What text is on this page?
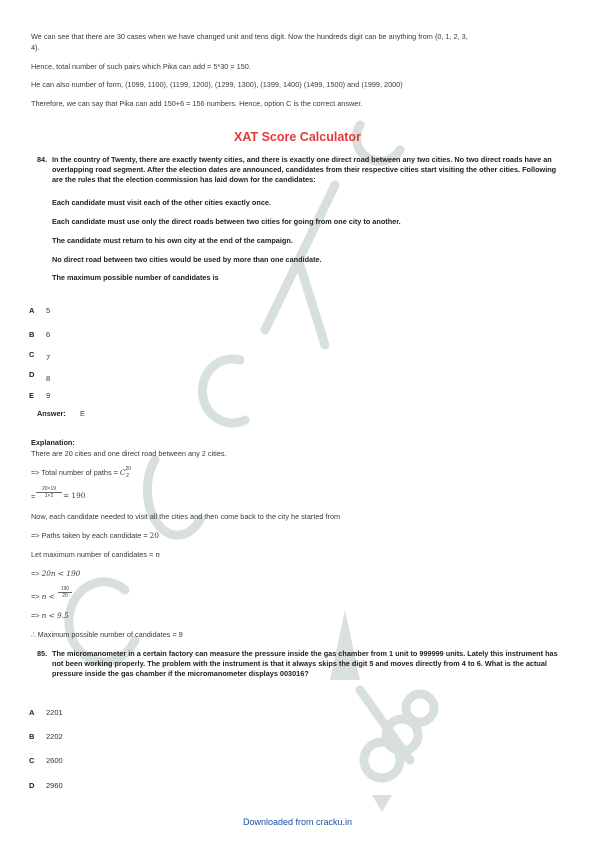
We can see that there are 30 cases when we have changed unit and tens digit. Now the hundreds digit can be anything from {0, 1, 2, 3,
4}.
Hence, total number of such pairs which Pika can add = 5*30 = 150.
He can also number of form, (1099, 1100), (1199, 1200), (1299, 1300), (1399, 1400) (1499, 1500) and (1999, 2000)
Therefore, we can say that Pika can add 150+6 = 156 numbers. Hence, option C is the correct answer.
XAT Score Calculator
84. In the country of Twenty, there are exactly twenty cities, and there is exactly one direct road between any two cities. No two direct roads have an overlapping road segment. After the election dates are announced, candidates from their respective cities start visiting the other cities. Following are the rules that the election commission has laid down for the candidates:
Each candidate must visit each of the other cities exactly once.
Each candidate must use only the direct roads between two cities for going from one city to another.
The candidate must return to his own city at the end of the campaign.
No direct road between two cities would be used by more than one candidate.
The maximum possible number of candidates is
A 5
B 6
C 7
D 8
E 9
Answer: E
Explanation:
There are 20 cities and one direct road between any 2 cities.
=> Total number of paths = $C^{20}_2$
= $\frac{20\times 19}{1\times 2} = 190$
Now, each candidate needed to visit all the cities and then come back to the city he started from
=> Paths taken by each candidate = 20
Let maximum number of candidates = n
=> 20n < 190
=> $n < \frac{190}{20}$
=> n < 9.5
∴ Maximum possible number of candidates = 9
85. The micromanometer in a certain factory can measure the pressure inside the gas chamber from 1 unit to 999999 units. Lately this instrument has not been working properly. The problem with the instrument is that it always skips the digit 5 and moves directly from 4 to 6. What is the actual pressure inside the gas chamber if the micromanometer displays 003016?
A 2201
B 2202
C 2600
D 2960
Downloaded from cracku.in
